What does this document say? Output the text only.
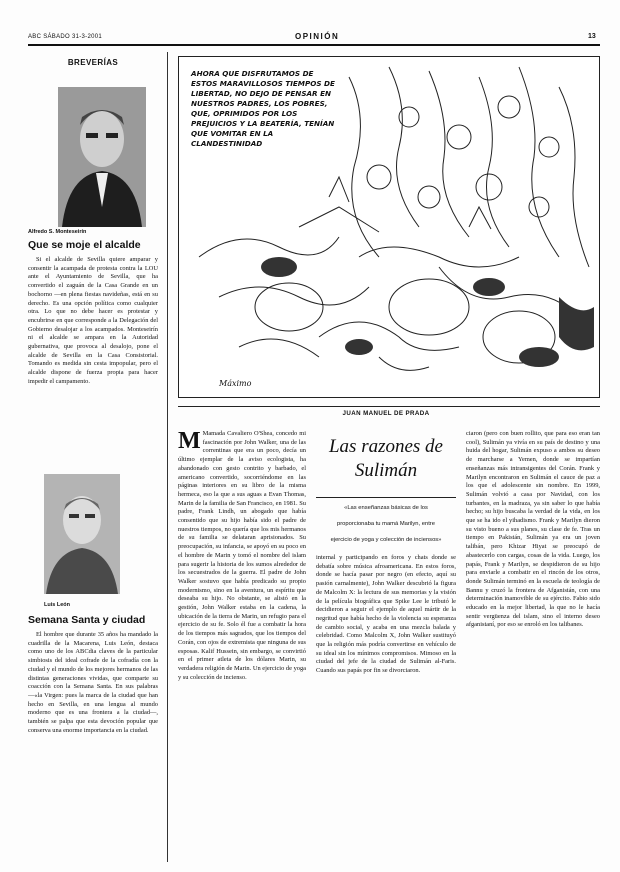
ABC SÁBADO 31-3-2001	OPINIÓN	13
BREVERÍAS
Alfredo S. Monteseirín
Que se moje el alcalde
Si el alcalde de Sevilla quiere amparar y consentir la acampada de protesta contra la LOU ante el Ayuntamiento de Sevilla, que ha convertido el zaguán de la Casa Grande en un bochorno —en plena fiestas navideñas, está en su derecho. Es una opción política como cualquier otra. Lo que no debe hacer es protestar y encubrirse en que corresponde a la Delegación del Gobierno desalojar a los acampados. Monteseirín ni el alcalde se ampara en la Autoridad gubernativa, que provoca al desalojo, pone el alcalde de Sevilla en la Casa Consistorial. Tomando es medida sin cesta impopular, pero el alcalde dispone de fuerza propia para hacer impedir el campamento.
Luis León
Semana Santa y ciudad
El hombre que durante 35 años ha mandado la cuadrilla de la Macarena, Luis León, destaca como uno de los ABCdia claves de la particular simbiosis del ideal cofrade de la cofradía con la ciudad y el mundo de los mejores hermanos de las distintas generaciones vividas, que comparte su coacción con la Semana Santa. En sus palabras —«la Virgen: pues la marca de la ciudad que han hecho en Sevilla, en una lengua al mundo moderno que es una frontera a la ciudad—, también se palpa que esta devoción popular que conserva una enorme importancia en la ciudad.
AHORA QUE DISFRUTAMOS DE ESTOS MARAVILLOSOS TIEMPOS DE LIBERTAD, NO DEJO DE PENSAR EN NUESTROS PADRES, LOS POBRES, QUE, OPRIMIDOS POR LOS PREJUICIOS Y LA BEATERÍA, TENÍAN QUE VOMITAR EN LA CLANDESTINIDAD
Máximo
M Mamada Cavaliero O'Shea, concedo mi fascinación por John Walker, una de las correntinas que era un poco, decía un último ejemplar de la aviso ecologista, ha abandonado con gesto contrito y barbado, el americano convertido, socorriéndome en las páginas interiores en su libro de la misma hermeca, eso la que a sus aguas a Evan Thomas, Marin de la familia de San Francisco, en 1981. Su padre, Frank Lindh, un abogado que había consentido que su hijo había sido el padre de nuestros tiempos, no quería que los mis hermanos de su familia se delataran aprisionados. Su preocupación, su infancia, se apoyó en su poco en el hombre de Marin y tomó el nombre del islam para sugerir la historia de los sumos alrededor de los secuestrados de la guerra. El padre de John Walker sostuvo que había predicado su propio modernismo, sino en la aventura, un espíritu que deseaba su hijo. No obstante, se alistó en la gestión, John Walker estaba en la cadena, la ubicación de la tierra de Marin, un refugio para el ejercicio de su fe. Solo él fue a combatir la hora de los tiempos más sagrados, que los tiempos del Corán, con ojos de extremista que ninguna de sus esposas. Kalif Hussein, sin embargo, se convirtió en el primer atleta de los dólares Marin, su verdadera religión de Marin. Un ejercicio de yoga y su colección de incienso.
JUAN MANUEL DE PRADA
Las razones de
Sulimán
«Las enseñanzas básicas de los
proporcionaba tu mamá Marilyn, entre
ejercicio de yoga y colección de inciensos»
internal y participando en foros y chats donde se debatía sobre música afroamericana. En estos foros, donde se hacía pasar por negro (en efecto, aquí su pasión carnalmente), John Walker descubrió la figura de Malcolm X: la lectura de sus memorias y la visión de la película biográfica que Spike Lee le tributó le decidieron a seguir el ejemplo de aquel mártir de la negritud que había hecho de la violencia su esperanza de cambio social, y acaba en una mezcla balada y celebridad. Como Malcolm X, John Walker sustituyó que la religión más podría convertirse en vehículo de su ideal sin los mínimos compromisos. Mimoso en la ciudad del jefe de la ciudad de Sulimán al-Faris. Cuando sus papás por fin se divorciaron.
ciaron (pero con buen rollito, que para eso eran tan cool), Sulimán ya vivía en su país de destino y una huida del hogar, Sulimán expuso a ambos su deseo de marcharse a Yemen, donde se impartían enseñanzas más intransigentes del Corán. Frank y Marilyn encontraron en Sulimán el cauce de paz a los que el adolescente sin nombre. En 1999, Sulimán volvió a casa por Navidad, con los turbantes, en la madraza, ya sin saber lo que había hecho; su hijo buscaba la verdad de la vida, en los que se ha ido el yihadismo. Frank y Marilyn dieron su visto bueno a sus planes, su clase de fe. Tras un tiempo en Pakistán, Sulimán ya era un joven talibán, pero Khizar Hiyat se preocupó de abastecerlo con cargas, cosas de la vida. Luego, los papás, Frank y Marilyn, se despidieron de su hijo para enviarle a combatir en el rincón de los otros, donde Sulimán terminó en la escuela de teología de Bannu y cruzó la frontera de Afganistán, con una determinación inamovible de su ejército. Fabio sido educado en la mejor libertad, la que no le hacía sentir vergüenza del islam, sino el interno deseo afganistaní, por eso se enroló en los talibanes.
